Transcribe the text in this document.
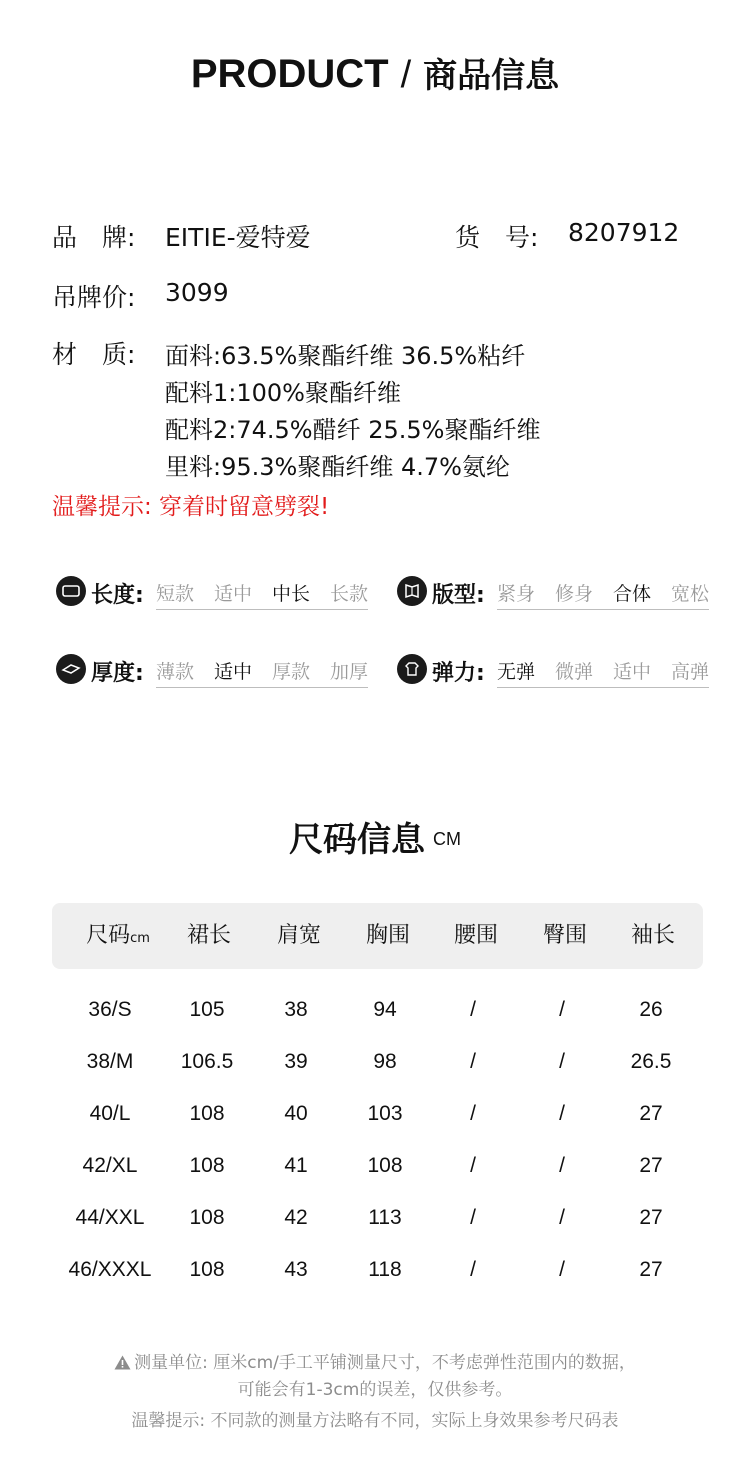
PRODUCT / 商品信息
品　牌: EITIE-爱特爱	货　号: 8207912
吊牌价: 3099
材　质: 面料:63.5%聚酯纤维 36.5%粘纤
配料1:100%聚酯纤维
配料2:74.5%醋纤 25.5%聚酯纤维
里料:95.3%聚酯纤维 4.7%氨纶
温馨提示: 穿着时留意劈裂!
长度: 短款 适中 中长 长款	版型: 紧身 修身 合体 宽松
厚度: 薄款 适中 厚款 加厚	弹力: 无弹 微弹 适中 高弹
尺码信息 CM
尺码cm	裙长	肩宽	胸围	腰围	臀围	袖长
36/S	105	38	94	/	/	26
38/M	106.5	39	98	/	/	26.5
40/L	108	40	103	/	/	27
42/XL	108	41	108	/	/	27
44/XXL	108	42	113	/	/	27
46/XXXL	108	43	118	/	/	27
测量单位: 厘米cm/手工平铺测量尺寸，不考虑弹性范围内的数据，
可能会有1-3cm的误差，仅供参考。
温馨提示: 不同款的测量方法略有不同，实际上身效果参考尺码表
